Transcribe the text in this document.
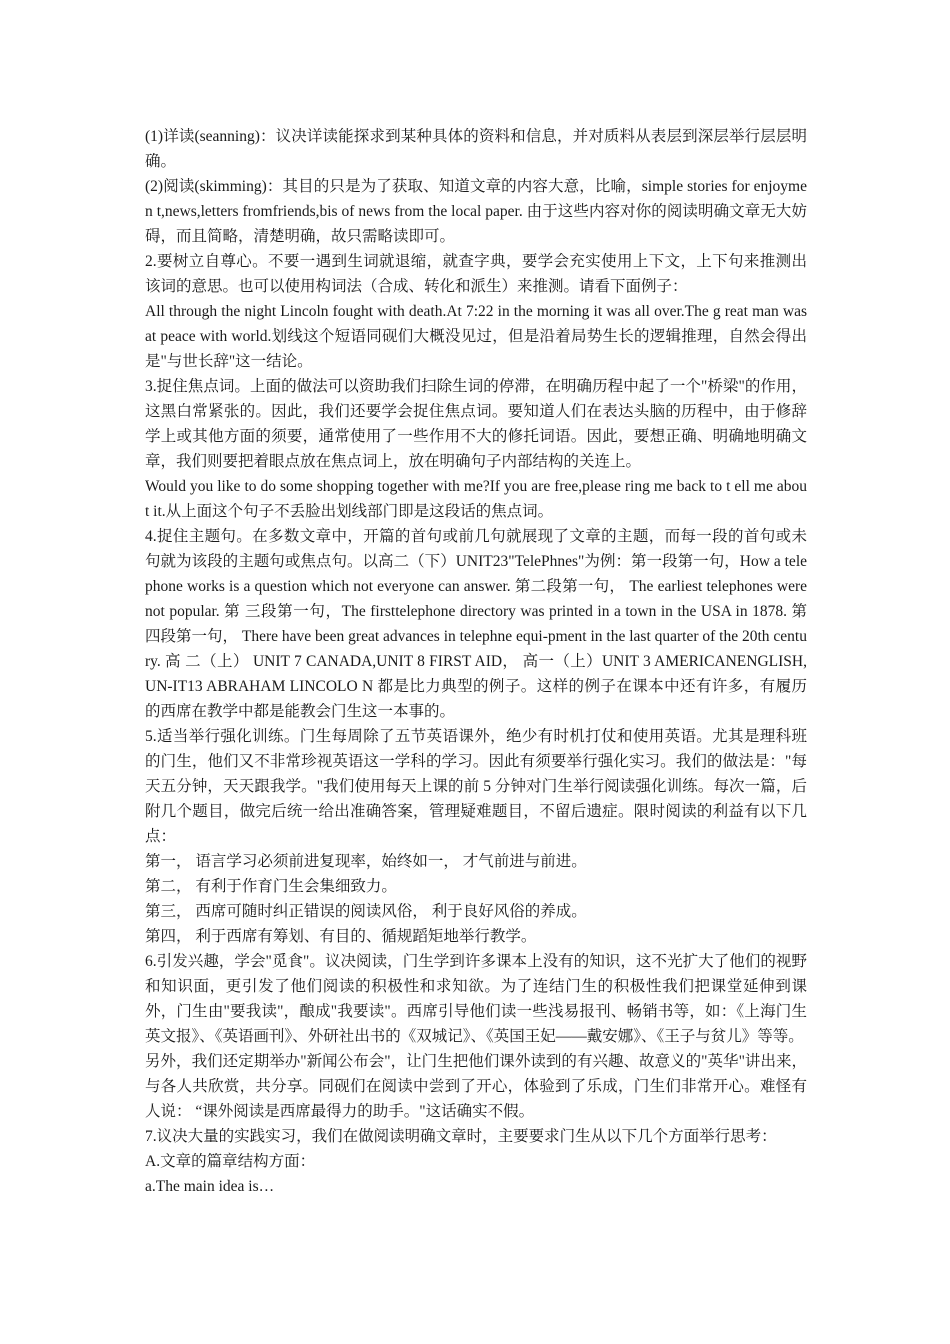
(1)详读(seanning)：议决详读能探求到某种具体的资料和信息，并对质料从表层到深层举行层层明确。

(2)阅读(skimming)：其目的只是为了获取、知道文章的内容大意，比喻，simple stories for enjoymen t,news,letters fromfriends,bis of news from the local paper. 由于这些内容对你的阅读明确文章无大妨碍，而且简略，清楚明确，故只需略读即可。

2.要树立自尊心。不要一遇到生词就退缩，就查字典，要学会充实使用上下文，上下句来推测出该词的意思。也可以使用构词法（合成、转化和派生）来推测。请看下面例子：

All through the night Lincoln fought with death.At 7:22 in the morning it was all over.The g reat man was at peace with world.划线这个短语同砚们大概没见过，但是沿着局势生长的逻辑推理，自然会得出是"与世长辞"这一结论。

3.捉住焦点词。上面的做法可以资助我们扫除生词的停滞，在明确历程中起了一个"桥梁"的作用，这黑白常紧张的。因此，我们还要学会捉住焦点词。要知道人们在表达头脑的历程中，由于修辞学上或其他方面的须要，通常使用了一些作用不大的修托词语。因此，要想正确、明确地明确文章，我们则要把着眼点放在焦点词上，放在明确句子内部结构的关连上。

Would you like to do some shopping together with me?If you are free,please ring me back to t ell me about it.从上面这个句子不丢脸出划线部门即是这段话的焦点词。

4.捉住主题句。在多数文章中，开篇的首句或前几句就展现了文章的主题，而每一段的首句或未句就为该段的主题句或焦点句。以高二（下）UNIT23"TelePhnes"为例：第一段第一句，How a telephone works is a question which not everyone can answer. 第二段第一句， The earliest telephones were not popular. 第 三段第一句，The firsttelephone directory was printed in a town in the USA in 1878. 第四段第一句， There have been great advances in telephne equi-pment in the last quarter of the 20th century. 高 二（上） UNIT 7 CANADA,UNIT 8 FIRST AID， 高一（上）UNIT 3 AMERICANENGLISH,UN-IT13 ABRAHAM LINCOLO N 都是比力典型的例子。这样的例子在课本中还有许多，有履历的西席在教学中都是能教会门生这一本事的。

5.适当举行强化训练。门生每周除了五节英语课外，绝少有时机打仗和使用英语。尤其是理科班的门生，他们又不非常珍视英语这一学科的学习。因此有须要举行强化实习。我们的做法是："每天五分钟，天天跟我学。"我们使用每天上课的前 5 分钟对门生举行阅读强化训练。每次一篇，后附几个题目，做完后统一给出准确答案，管理疑难题目，不留后遗症。限时阅读的利益有以下几点：

第一， 语言学习必须前进复现率，始终如一， 才气前进与前进。

第二， 有利于作育门生会集细致力。

第三， 西席可随时纠正错误的阅读风俗， 利于良好风俗的养成。

第四， 利于西席有筹划、有目的、循规蹈矩地举行教学。

6.引发兴趣，学会"觅食"。议决阅读，门生学到许多课本上没有的知识，这不光扩大了他们的视野和知识面，更引发了他们阅读的积极性和求知欲。为了连结门生的积极性我们把课堂延伸到课外，门生由"要我读"，酿成"我要读"。西席引导他们读一些浅易报刊、畅销书等，如：《上海门生英文报》、《英语画刊》、外研社出书的《双城记》、《英国王妃——戴安娜》、《王子与贫儿》等等。

另外，我们还定期举办"新闻公布会"，让门生把他们课外读到的有兴趣、故意义的"英华"讲出来，与各人共欣赏，共分享。同砚们在阅读中尝到了开心，体验到了乐成，门生们非常开心。难怪有人说： “课外阅读是西席最得力的助手。"这话确实不假。

7.议决大量的实践实习，我们在做阅读明确文章时，主要要求门生从以下几个方面举行思考：

A.文章的篇章结构方面：

a.The main idea is…
